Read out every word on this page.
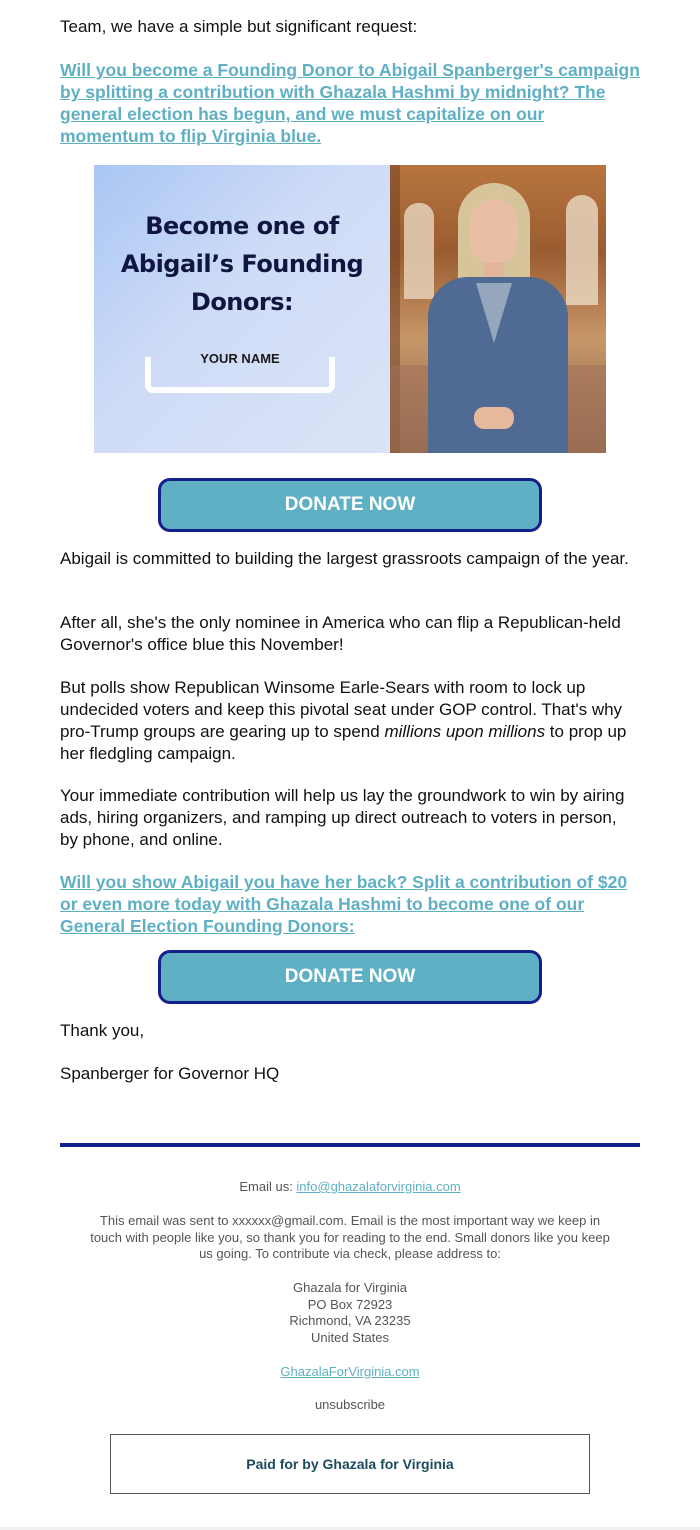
Team, we have a simple but significant request:

Will you become a Founding Donor to Abigail Spanberger's campaign by splitting a contribution with Ghazala Hashmi by midnight? The general election has begun, and we must capitalize on our momentum to flip Virginia blue.
Become one of
Abigail’s Founding
Donors:
YOUR NAME
DONATE NOW

Abigail is committed to building the largest grassroots campaign of the year.

After all, she's the only nominee in America who can flip a Republican-held Governor's office blue this November!

But polls show Republican Winsome Earle-Sears with room to lock up undecided voters and keep this pivotal seat under GOP control. That's why pro-Trump groups are gearing up to spend millions upon millions to prop up her fledgling campaign.

Your immediate contribution will help us lay the groundwork to win by airing ads, hiring organizers, and ramping up direct outreach to voters in person, by phone, and online.

Will you show Abigail you have her back? Split a contribution of $20 or even more today with Ghazala Hashmi to become one of our General Election Founding Donors:
DONATE NOW

Thank you,

Spanberger for Governor HQ

Email us: info@ghazalaforvirginia.com
This email was sent to xxxxxx@gmail.com. Email is the most important way we keep in touch with people like you, so thank you for reading to the end. Small donors like you keep us going. To contribute via check, please address to:
Ghazala for Virginia
PO Box 72923
Richmond, VA 23235
United States
GhazalaForVirginia.com
unsubscribe
Paid for by Ghazala for Virginia
